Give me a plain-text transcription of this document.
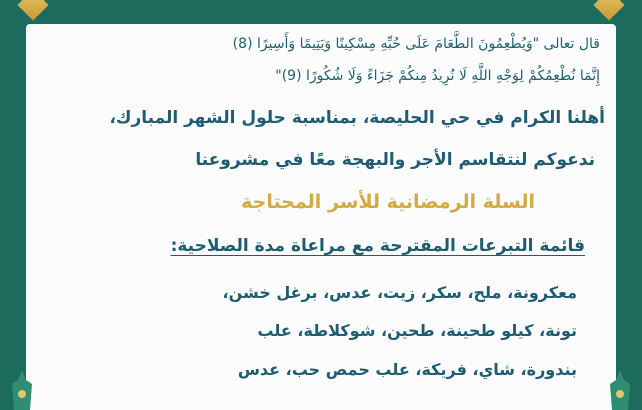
قال تعالى "وَيُطْعِمُونَ الطَّعَامَ عَلَى حُبِّهِ مِسْكِينًا وَيَتِيمًا وَأَسِيرًا (8)
إِنَّمَا نُطْعِمُكُمْ لِوَجْهِ اللَّهِ لَا نُرِيدُ مِنكُمْ جَزَاءً وَلَا شُكُورًا (9)"
أهلنا الكرام في حي الحليصة، بمناسبة حلول الشهر المبارك،
ندعوكم لنتقاسم الأجر والبهجة معًا في مشروعنا
السلة الرمضانية للأسر المحتاجة
قائمة التبرعات المقترحة مع مراعاة مدة الصلاحية:
معكرونة، ملح، سكر، زيت، عدس، برغل خشن،
تونة، كيلو طحينة، طحين، شوكلاطة، علب
بندورة، شاي، فريكة، علب حمص حب، عدس
